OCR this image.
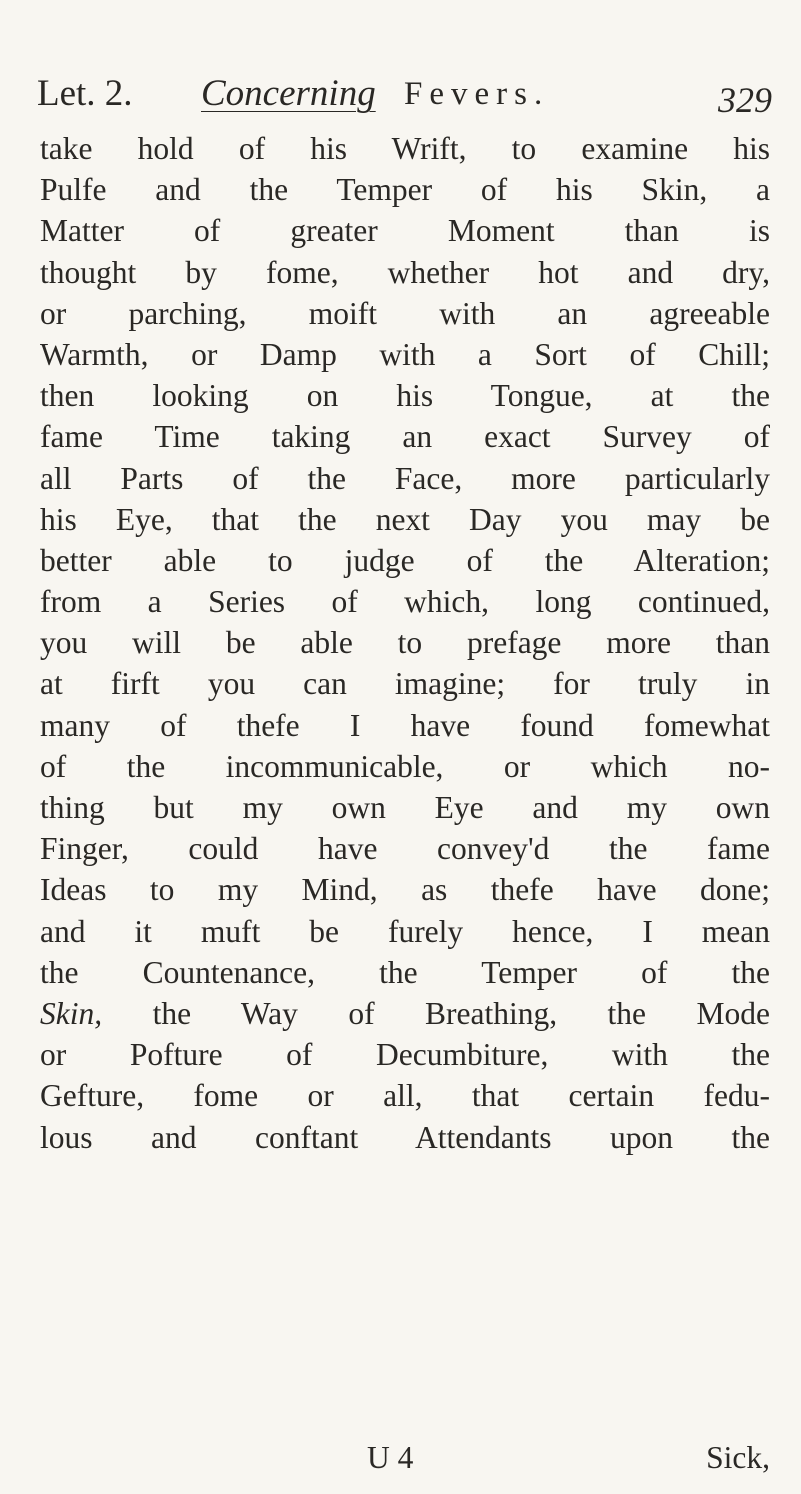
Let. 2. Concerning Fevers.	329
take hold of his Wrift, to examine his
Pulfe and the Temper of his Skin, a
Matter of greater Moment than is
thought by fome, whether hot and dry,
or parching, moift with an agreeable
Warmth, or Damp with a Sort of Chill;
then looking on his Tongue, at the
fame Time taking an exact Survey of
all Parts of the Face, more particularly
his Eye, that the next Day you may be
better able to judge of the Alteration;
from a Series of which, long continued,
you will be able to prefage more than
at firft you can imagine; for truly in
many of thefe I have found fomewhat
of the incommunicable, or which no-
thing but my own Eye and my own
Finger, could have convey'd the fame
Ideas to my Mind, as thefe have done;
and it muft be furely hence, I mean
the Countenance, the Temper of the
Skin, the Way of Breathing, the Mode
or Pofture of Decumbiture, with the
Gefture, fome or all, that certain fedu-
lous and conftant Attendants upon the
U 4	Sick,
